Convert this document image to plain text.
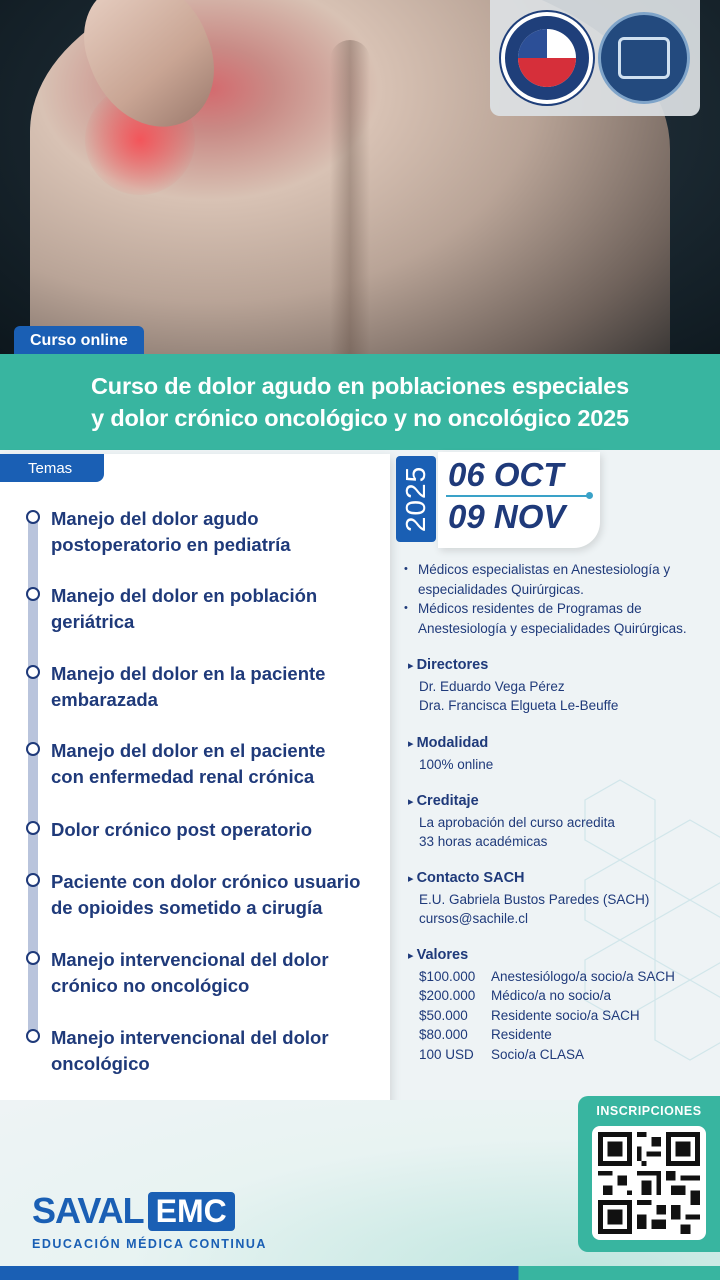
Curso online
Curso de dolor agudo en poblaciones especiales
y dolor crónico oncológico y no oncológico 2025
Temas
Manejo del dolor agudo
postoperatorio en pediatría
Manejo del dolor en población
geriátrica
Manejo del dolor en la paciente
embarazada
Manejo del dolor en el paciente
con enfermedad renal crónica
Dolor crónico post operatorio
Paciente con dolor crónico usuario
de opioides sometido a cirugía
Manejo intervencional del dolor
crónico no oncológico
Manejo intervencional del dolor
oncológico
2025 06 OCT
09 NOV
• Médicos especialistas en Anestesiología y especialidades Quirúrgicas.
• Médicos residentes de Programas de Anestesiología y especialidades Quirúrgicas.
▸ Directores
Dr. Eduardo Vega Pérez
Dra. Francisca Elgueta Le-Beuffe
▸ Modalidad
100% online
▸ Creditaje
La aprobación del curso acredita
33 horas académicas
▸ Contacto SACH
E.U. Gabriela Bustos Paredes (SACH)
cursos@sachile.cl
▸ Valores
$100.000	Anestesiólogo/a socio/a SACH
$200.000	Médico/a no socio/a
$50.000	Residente socio/a SACH
$80.000	Residente
100 USD	Socio/a CLASA
SAVAL EMC
EDUCACIÓN MÉDICA CONTINUA
INSCRIPCIONES
